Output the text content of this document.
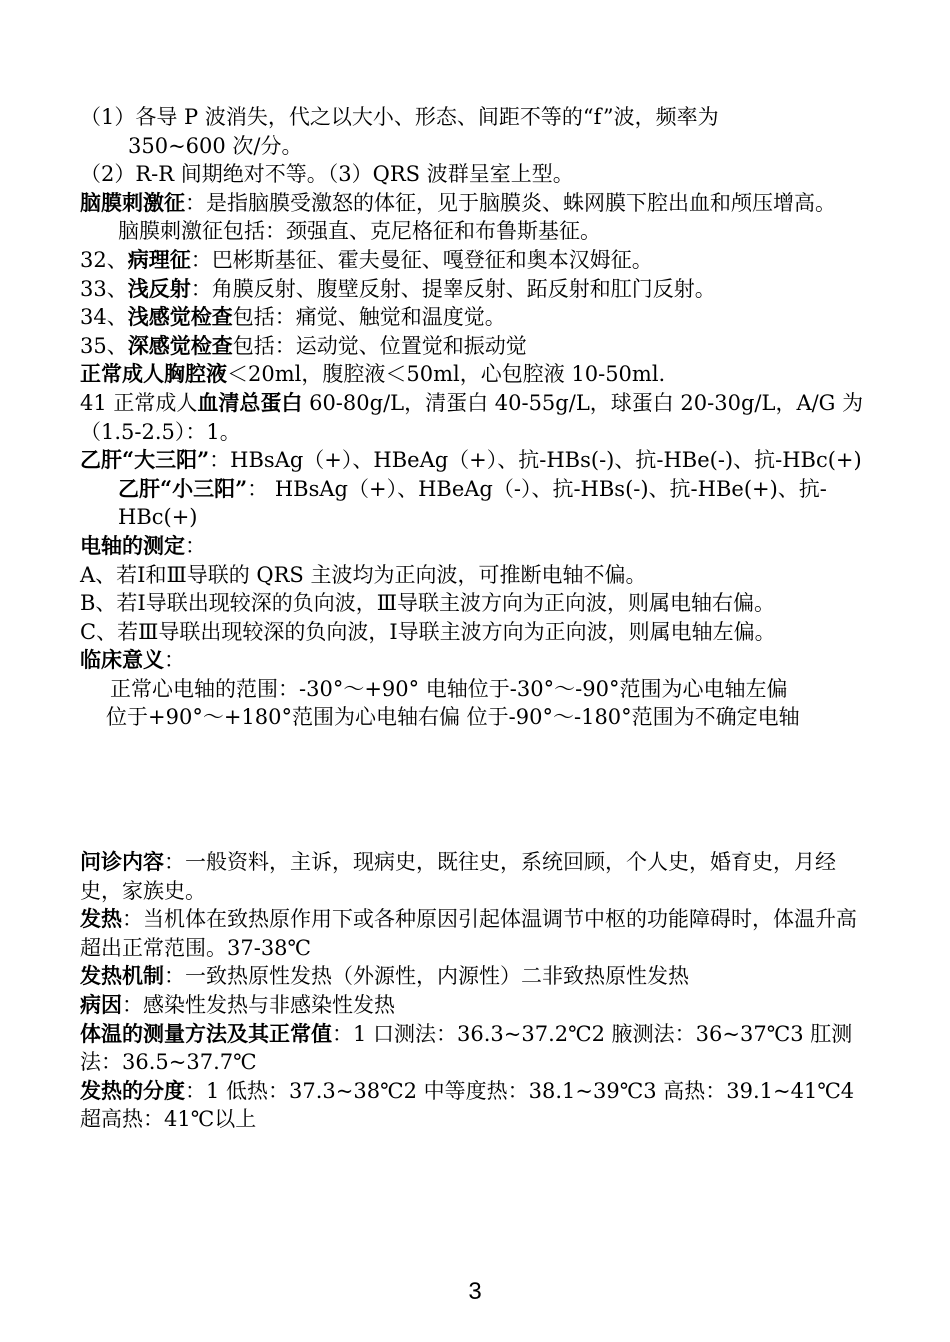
（1）各导 P 波消失，代之以大小、形态、间距不等的“f”波，频率为

350~600 次/分。

（2）R-R 间期绝对不等。（3）QRS 波群呈室上型。

脑膜刺激征：是指脑膜受激怒的体征，见于脑膜炎、蛛网膜下腔出血和颅压增高。

脑膜刺激征包括：颈强直、克尼格征和布鲁斯基征。

32、病理征：巴彬斯基征、霍夫曼征、嘎登征和奥本汉姆征。

33、浅反射：角膜反射、腹壁反射、提睾反射、跖反射和肛门反射。

34、浅感觉检查包括：痛觉、触觉和温度觉。

35、深感觉检查包括：运动觉、位置觉和振动觉

正常成人胸腔液＜20ml，腹腔液＜50ml，心包腔液 10-50ml.

41 正常成人血清总蛋白 60-80g/L，清蛋白 40-55g/L，球蛋白 20-30g/L，A/G 为（1.5-2.5）：1。

乙肝“大三阳”：HBsAg（+）、HBeAg（+）、抗-HBs(-)、抗-HBe(-)、抗-HBc(+)

乙肝“小三阳”： HBsAg（+）、HBeAg（-）、抗-HBs(-)、抗-HBe(+)、抗-HBc(+)

电轴的测定：

A、若Ⅰ和Ⅲ导联的 QRS 主波均为正向波，可推断电轴不偏。

B、若Ⅰ导联出现较深的负向波，Ⅲ导联主波方向为正向波，则属电轴右偏。

C、若Ⅲ导联出现较深的负向波，Ⅰ导联主波方向为正向波，则属电轴左偏。

临床意义：

正常心电轴的范围：-30°～+90° 电轴位于-30°～-90°范围为心电轴左偏

位于+90°～+180°范围为心电轴右偏 位于-90°～-180°范围为不确定电轴

问诊内容：一般资料，主诉，现病史，既往史，系统回顾，个人史，婚育史，月经史，家族史。

发热：当机体在致热原作用下或各种原因引起体温调节中枢的功能障碍时，体温升高超出正常范围。37-38℃

发热机制：一致热原性发热（外源性，内源性）二非致热原性发热

病因：感染性发热与非感染性发热

体温的测量方法及其正常值：1 口测法：36.3~37.2℃2 腋测法：36~37℃3 肛测法：36.5~37.7℃

发热的分度：1 低热：37.3~38℃2 中等度热：38.1~39℃3 高热：39.1~41℃4 超高热：41℃以上

3
